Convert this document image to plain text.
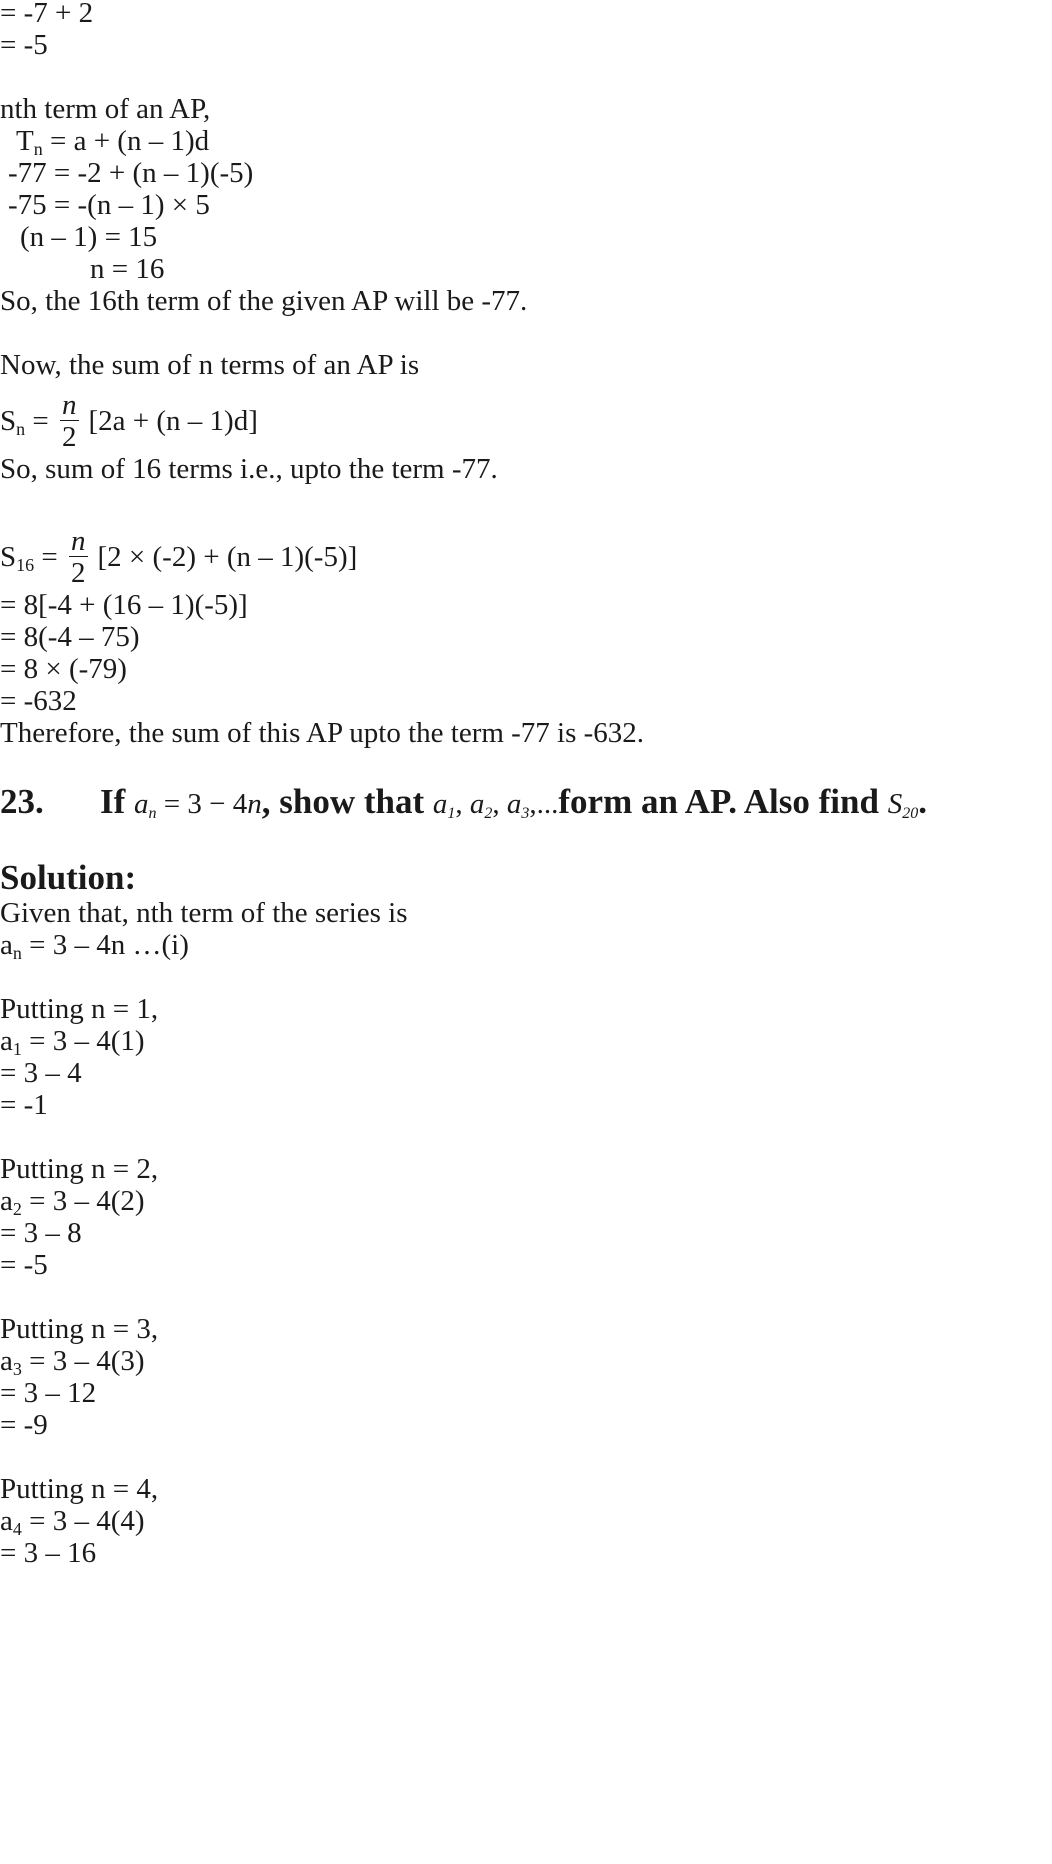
= -7 + 2
= -5
nth term of an AP,
$T_n = a + (n - 1)d$
-77 = -2 + (n – 1)(-5)
-75 = -(n – 1) × 5
(n – 1) = 15
n = 16
So, the 16th term of the given AP will be -77.
Now, the sum of n terms of an AP is
$S_n = \frac{n}{2} [2a + (n - 1)d]$
So, sum of 16 terms i.e., upto the term -77.
$S_{16} = \frac{n}{2} [2 \times (-2) + (n - 1)(-5)]$
= 8[-4 + (16 – 1)(-5)]
= 8(-4 – 75)
= 8 × (-79)
= -632
Therefore, the sum of this AP upto the term -77 is -632.
23. If $a_n = 3 - 4n$, show that $a_1$, $a_2$, $a_3,...form$ an AP. Also find $S_{20}$.
Solution:
Given that, nth term of the series is
$a_n = 3 - 4n$ …(i)
Putting n = 1,
$a_1 = 3 - 4(1)$
= 3 – 4
= -1
Putting n = 2,
$a_2 = 3 - 4(2)$
= 3 – 8
= -5
Putting n = 3,
$a_3 = 3 - 4(3)$
= 3 – 12
= -9
Putting n = 4,
$a_4 = 3 - 4(4)$
= 3 – 16
